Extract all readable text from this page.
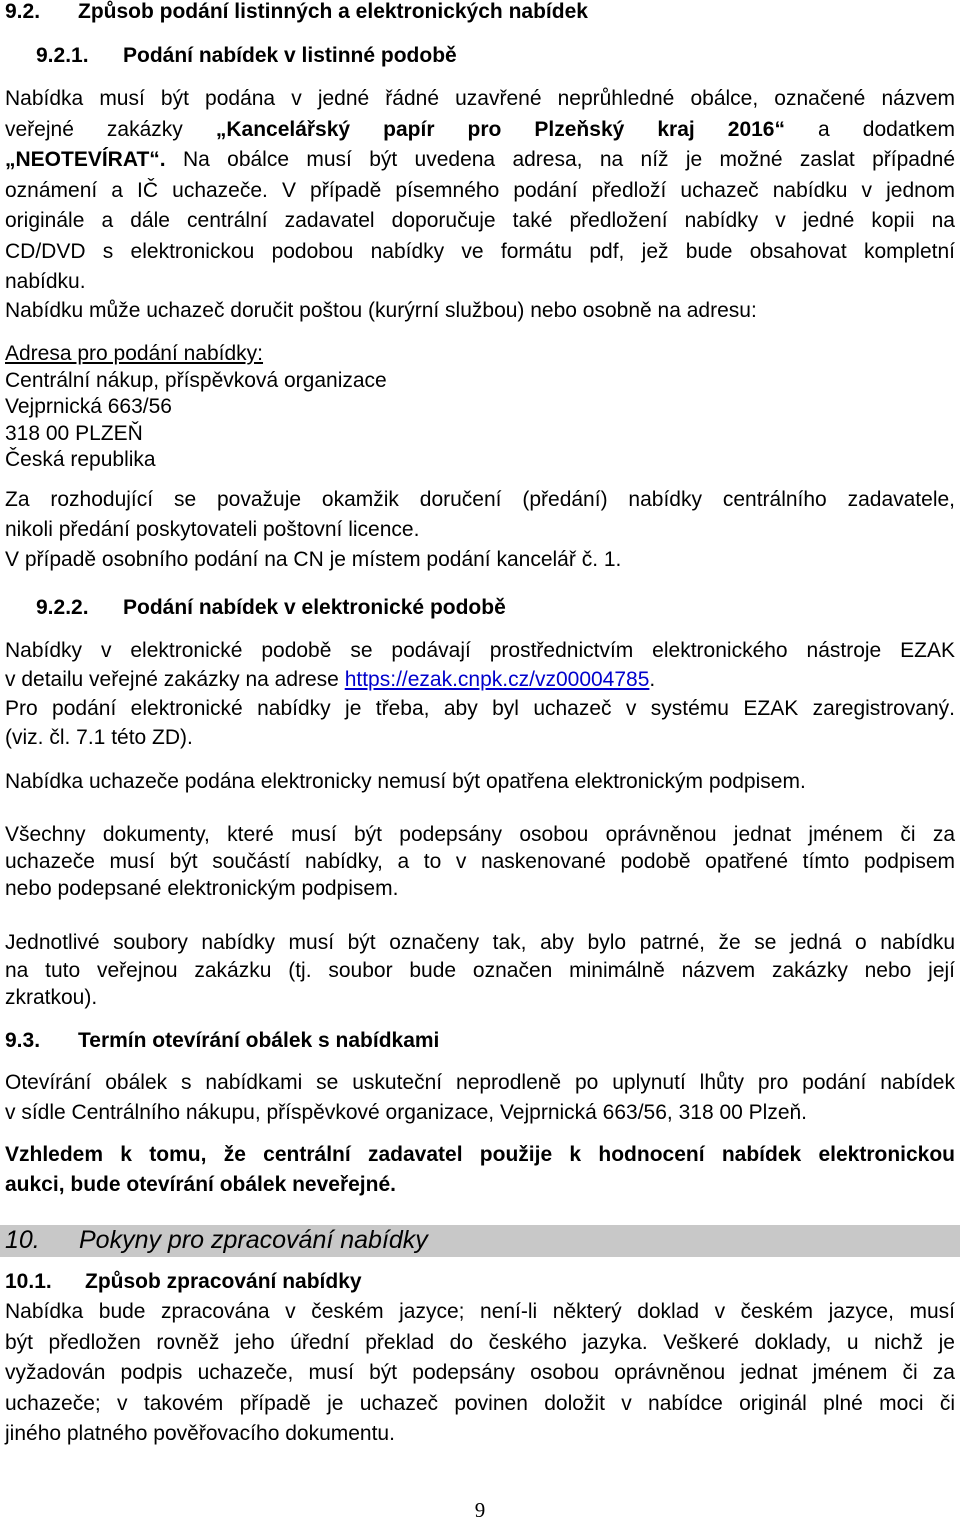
9.2. Způsob podání listinných a elektronických nabídek
9.2.1. Podání nabídek v listinné podobě
Nabídka musí být podána v jedné řádné uzavřené neprůhledné obálce, označené názvem
veřejné zakázky „Kancelářský papír pro Plzeňský kraj 2016“ a dodatkem
„NEOTEVÍRAT“. Na obálce musí být uvedena adresa, na níž je možné zaslat případné
oznámení a IČ uchazeče. V případě písemného podání předloží uchazeč nabídku v jednom
originále a dále centrální zadavatel doporučuje také předložení nabídky v jedné kopii na
CD/DVD s elektronickou podobou nabídky ve formátu pdf, jež bude obsahovat kompletní
nabídku.
Nabídku může uchazeč doručit poštou (kurýrní službou) nebo osobně na adresu:
Adresa pro podání nabídky:
Centrální nákup, příspěvková organizace
Vejprnická 663/56
318 00 PLZEŇ
Česká republika
Za rozhodující se považuje okamžik doručení (předání) nabídky centrálního zadavatele,
nikoli předání poskytovateli poštovní licence.
V případě osobního podání na CN je místem podání kancelář č. 1.
9.2.2. Podání nabídek v elektronické podobě
Nabídky v elektronické podobě se podávají prostřednictvím elektronického nástroje EZAK
v detailu veřejné zakázky na adrese https://ezak.cnpk.cz/vz00004785.
Pro podání elektronické nabídky je třeba, aby byl uchazeč v systému EZAK zaregistrovaný.
(viz. čl. 7.1 této ZD).
Nabídka uchazeče podána elektronicky nemusí být opatřena elektronickým podpisem.
Všechny dokumenty, které musí být podepsány osobou oprávněnou jednat jménem či za
uchazeče musí být součástí nabídky, a to v naskenované podobě opatřené tímto podpisem
nebo podepsané elektronickým podpisem.
Jednotlivé soubory nabídky musí být označeny tak, aby bylo patrné, že se jedná o nabídku
na tuto veřejnou zakázku (tj. soubor bude označen minimálně názvem zakázky nebo její
zkratkou).
9.3. Termín otevírání obálek s nabídkami
Otevírání obálek s nabídkami se uskuteční neprodleně po uplynutí lhůty pro podání nabídek
v sídle Centrálního nákupu, příspěvkové organizace, Vejprnická 663/56, 318 00 Plzeň.
Vzhledem k tomu, že centrální zadavatel použije k hodnocení nabídek elektronickou
aukci, bude otevírání obálek neveřejné.
10. Pokyny pro zpracování nabídky
10.1. Způsob zpracování nabídky
Nabídka bude zpracována v českém jazyce; není-li některý doklad v českém jazyce, musí
být předložen rovněž jeho úřední překlad do českého jazyka. Veškeré doklady, u nichž je
vyžadován podpis uchazeče, musí být podepsány osobou oprávněnou jednat jménem či za
uchazeče; v takovém případě je uchazeč povinen doložit v nabídce originál plné moci či
jiného platného pověřovacího dokumentu.
9
